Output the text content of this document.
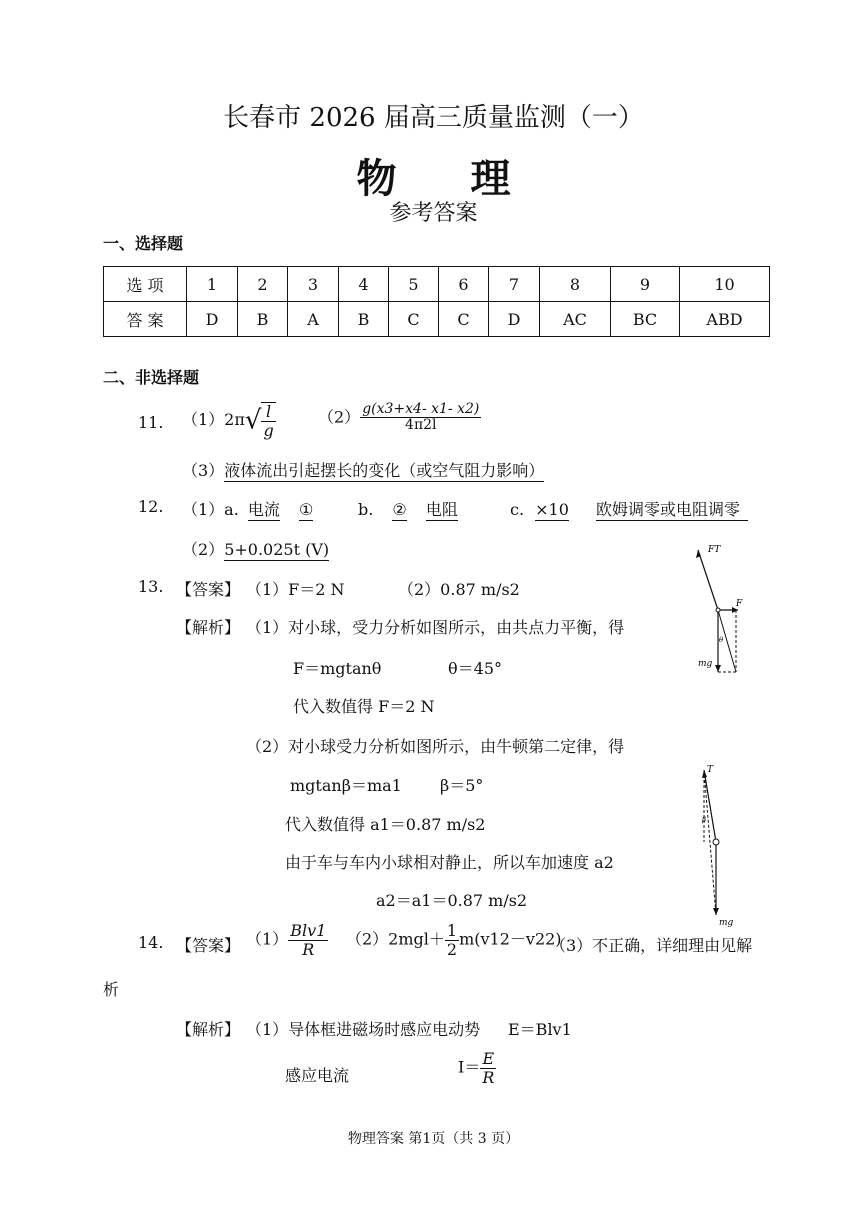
长春市 2026 届高三质量监测（一）
物 理
参考答案
一、选择题
选 项	1	2	3	4	5	6	7	8	9	10
答 案	D	B	A	B	C	C	D	AC	BC	ABD
二、非选择题
11. $(1)2\pi√ \frac{l}{g}$	$(2) \frac{g(x3+x4- x1- x2)}{4\pi 2l}$
（3）液体流出引起摆长的变化（或空气阻力影响）
12. （1）a. 电流 ①	b. ② 电阻	c. ×10 欧姆调零或电阻调零
（2）5+0.025t (V)
13. 【答案】 （1）F＝2 N	（2）0.87 m/s2
【解析】 （1）对小球，受力分析如图所示，由共点力平衡，得
F＝mgtanθ	θ＝45°
代入数值得 F＝2 N
（2）对小球受力分析如图所示，由牛顿第二定律，得
mgtanβ＝ma1 β＝5°
代入数值得 a1＝0.87 m/s2
由于车与车内小球相对静止，所以车加速度 a2
a2＝a1＝0.87 m/s2
FT
F
θ
mg
T
β
mg
14. 【答案】 $(1) \frac{\text{Blv1}}{R} (2)2mgl+ \frac{1}{2} m(v12-v22)$
（3）不正确，详细理由见解
析
【解析】 （1）导体框进磁场时感应电动势 E＝Blv1
感应电流	$I= \frac{E}{R}$
物理答案 第1页（共 3 页）
